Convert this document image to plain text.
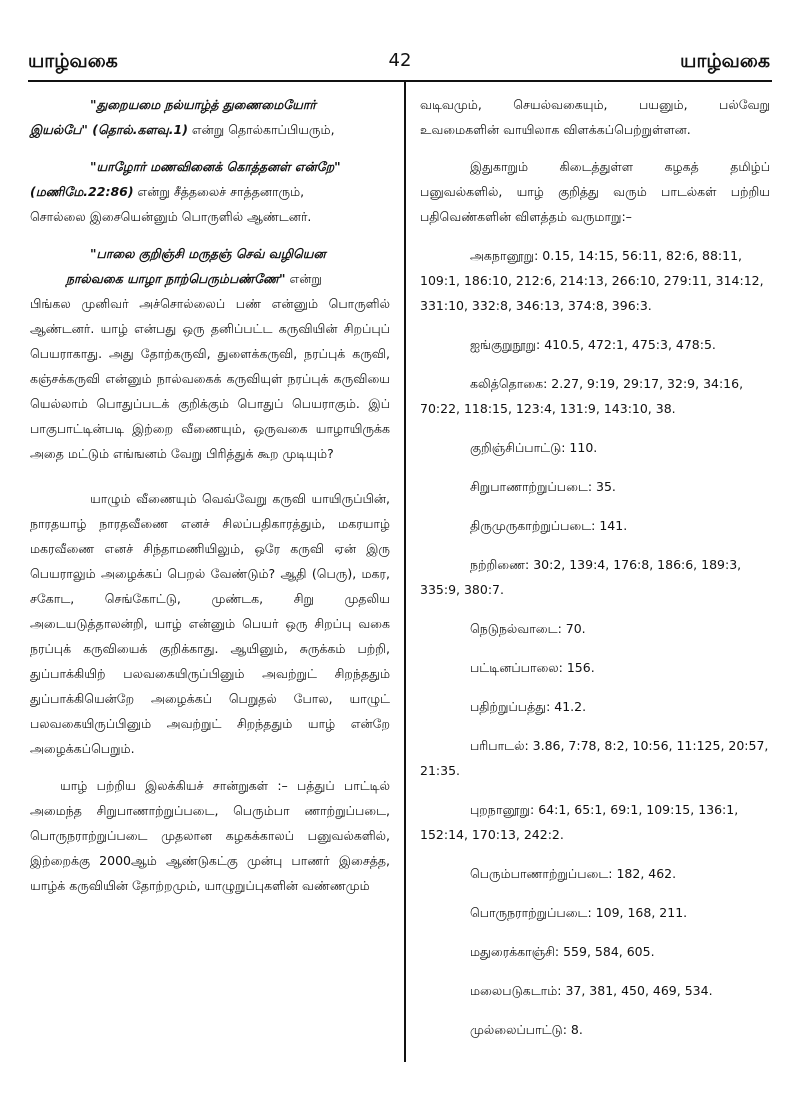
யாழ்வகை	42	யாழ்வகை

"துறையமை நல்யாழ்த் துணைமையோர்

இயல்பே" (தொல்.களவு.1) என்று தொல்காப்பியரும்,

"யாழோர் மணவினைக் கொத்தனள் என்றே"

(மணிமே.22:86) என்று சீத்தலைச் சாத்தனாரும்,

சொல்லை இசையென்னும் பொருளில் ஆண்டனர்.

"பாலை குறிஞ்சி மருதஞ் செவ் வழியென

நால்வகை யாழா நாற்பெரும்பண்ணே" என்று

பிங்கல முனிவர் அச்சொல்லைப் பண் என்னும் பொருளில் ஆண்டனர். யாழ் என்பது ஒரு தனிப்பட்ட கருவியின் சிறப்புப் பெயராகாது. அது தோற்கருவி, துளைக்கருவி, நரப்புக் கருவி, கஞ்சக்கருவி என்னும் நால்வகைக் கருவியுள் நரப்புக் கருவியை யெல்லாம் பொதுப்படக் குறிக்கும் பொதுப் பெயராகும். இப் பாகுபாட்டின்படி இற்றை வீணையும், ஒருவகை யாழாயிருக்க அதை மட்டும் எங்ஙனம் வேறு பிரித்துக் கூற முடியும்?

யாழும் வீணையும் வெவ்வேறு கருவி யாயிருப்பின், நாரதயாழ் நாரதவீணை எனச் சிலப்பதிகாரத்தும், மகரயாழ் மகரவீணை எனச் சிந்தாமணியிலும், ஒரே கருவி ஏன் இரு பெயராலும் அழைக்கப் பெறல் வேண்டும்? ஆதி (பெரு), மகர, சகோட, செங்கோட்டு, முண்டக, சிறு முதலிய அடையடுத்தாலன்றி, யாழ் என்னும் பெயர் ஒரு சிறப்பு வகை நரப்புக் கருவியைக் குறிக்காது. ஆயினும், சுருக்கம் பற்றி, துப்பாக்கியிற் பலவகையிருப்பினும் அவற்றுட் சிறந்ததும் துப்பாக்கியென்றே அழைக்கப் பெறுதல் போல, யாழுட் பலவகையிருப்பினும் அவற்றுட் சிறந்ததும் யாழ் என்றே அழைக்கப்பெறும்.

யாழ் பற்றிய இலக்கியச் சான்றுகள் :– பத்துப் பாட்டில் அமைந்த சிறுபாணாற்றுப்படை, பெரும்பா ணாற்றுப்படை, பொருநராற்றுப்படை முதலான கழகக்காலப் பனுவல்களில், இற்றைக்கு 2000ஆம் ஆண்டுகட்கு முன்பு பாணர் இசைத்த, யாழ்க் கருவியின் தோற்றமும், யாழுறுப்புகளின் வண்ணமும்

வடிவமும், செயல்வகையும், பயனும், பல்வேறு உவமைகளின் வாயிலாக விளக்கப்பெற்றுள்ளன.

இதுகாறும் கிடைத்துள்ள கழகத் தமிழ்ப் பனுவல்களில், யாழ் குறித்து வரும் பாடல்கள் பற்றிய பதிவெண்களின் விளத்தம் வருமாறு:–

அகநானூறு: 0.15, 14:15, 56:11, 82:6, 88:11, 109:1, 186:10, 212:6, 214:13, 266:10, 279:11, 314:12, 331:10, 332:8, 346:13, 374:8, 396:3.

ஐங்குறுநூறு: 410.5, 472:1, 475:3, 478:5.

கலித்தொகை: 2.27, 9:19, 29:17, 32:9, 34:16, 70:22, 118:15, 123:4, 131:9, 143:10, 38.

குறிஞ்சிப்பாட்டு: 110.

சிறுபாணாற்றுப்படை: 35.

திருமுருகாற்றுப்படை: 141.

நற்றிணை: 30:2, 139:4, 176:8, 186:6, 189:3, 335:9, 380:7.

நெடுநல்வாடை: 70.

பட்டினப்பாலை: 156.

பதிற்றுப்பத்து: 41.2.

பரிபாடல்: 3.86, 7:78, 8:2, 10:56, 11:125, 20:57, 21:35.

புறநானூறு: 64:1, 65:1, 69:1, 109:15, 136:1, 152:14, 170:13, 242:2.

பெரும்பாணாற்றுப்படை: 182, 462.

பொருநராற்றுப்படை: 109, 168, 211.

மதுரைக்காஞ்சி: 559, 584, 605.

மலைபடுகடாம்: 37, 381, 450, 469, 534.

முல்லைப்பாட்டு: 8.
